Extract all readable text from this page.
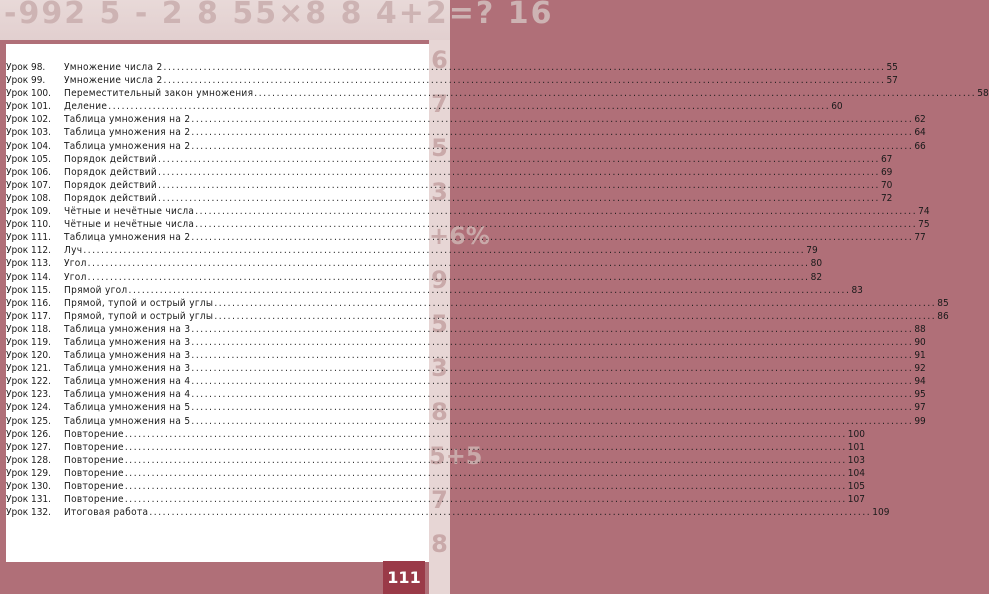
-992 5 - 2 8 55×8 8 4+2=? 16
6
7
5
3
+6%
9
5
3
8
5+5
7
8
Урок 98.	Умножение числа 2 .....	55
Урок 99.	Умножение числа 2 .....	57
Урок 100.	Переместительный закон умножения .....	58
Урок 101.	Деление .....	60
Урок 102.	Таблица умножения на 2 .....	62
Урок 103.	Таблица умножения на 2 .....	64
Урок 104.	Таблица умножения на 2 .....	66
Урок 105.	Порядок действий .....	67
Урок 106.	Порядок действий .....	69
Урок 107.	Порядок действий .....	70
Урок 108.	Порядок действий .....	72
Урок 109.	Чётные и нечётные числа .....	74
Урок 110.	Чётные и нечётные числа .....	75
Урок 111.	Таблица умножения на 2 .....	77
Урок 112.	Луч .....	79
Урок 113.	Угол .....	80
Урок 114.	Угол .....	82
Урок 115.	Прямой угол .....	83
Урок 116.	Прямой, тупой и острый углы .....	85
Урок 117.	Прямой, тупой и острый углы .....	86
Урок 118.	Таблица умножения на 3 .....	88
Урок 119.	Таблица умножения на 3 .....	90
Урок 120.	Таблица умножения на 3 .....	91
Урок 121.	Таблица умножения на 3 .....	92
Урок 122.	Таблица умножения на 4 .....	94
Урок 123.	Таблица умножения на 4 .....	95
Урок 124.	Таблица умножения на 5 .....	97
Урок 125.	Таблица умножения на 5 .....	99
Урок 126.	Повторение .....	100
Урок 127.	Повторение .....	101
Урок 128.	Повторение .....	103
Урок 129.	Повторение .....	104
Урок 130.	Повторение .....	105
Урок 131.	Повторение .....	107
Урок 132.	Итоговая работа .....	109
111
